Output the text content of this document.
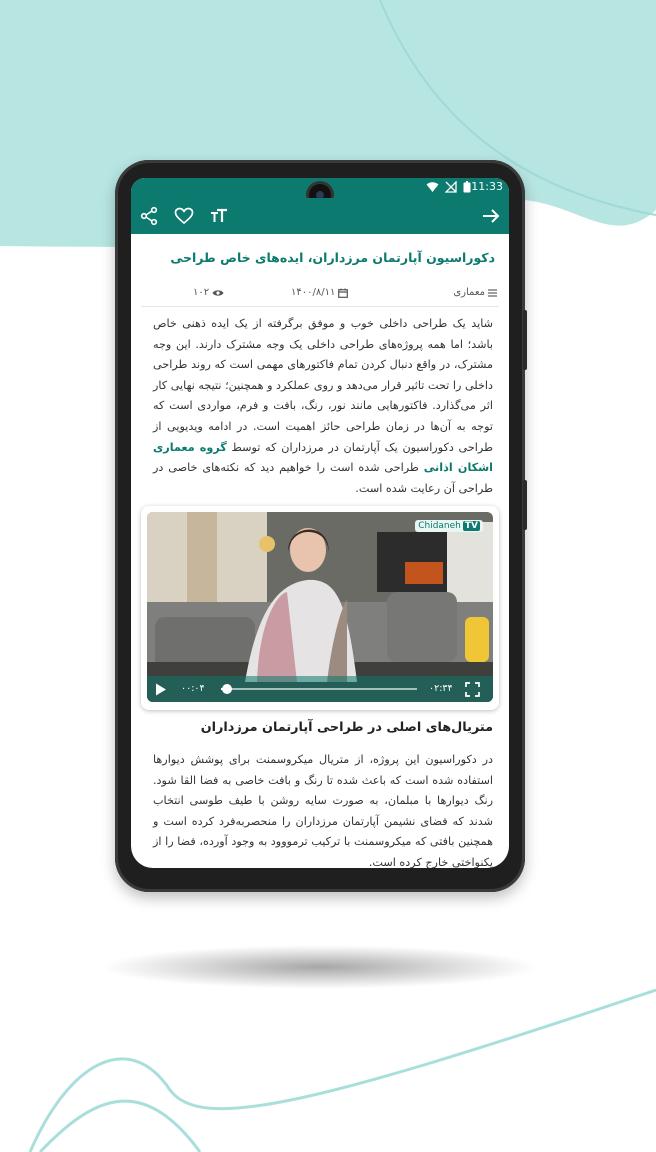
11:33
دکوراسیون آپارتمان مرزداران، ایده‌های خاص طراحی
معماری
۱۴۰۰/۸/۱۱
۱۰۲

شاید یک طراحی داخلی خوب و موفق برگرفته از یک ایده ذهنی خاص باشد؛ اما همه پروژه‌های طراحی داخلی یک وجه مشترک دارند. این وجه مشترک، در واقع دنبال کردن تمام فاکتورهای مهمی است که روند طراحی داخلی را تحت تاثیر قرار می‌دهد و روی عملکرد و همچنین؛ نتیجه نهایی کار اثر می‌گذارد. فاکتورهایی مانند نور، رنگ، بافت و فرم، مواردی است که توجه به آن‌ها در زمان طراحی حائز اهمیت است. در ادامه ویدیویی از طراحی دکوراسیون یک آپارتمان در مرزداران که توسط گروه معماری اشکان اذانی طراحی شده است را خواهیم دید که نکته‌های خاصی در طراحی آن رعایت شده است.

Chidaneh TV
۰۰:۰۴	۰۲:۳۴
متریال‌های اصلی در طراحی آپارتمان مرزداران

در دکوراسیون این پروژه، از متریال میکروسمنت برای پوشش دیوارها استفاده شده است که باعث شده تا رنگ و بافت خاصی به فضا القا شود. رنگ دیوارها با مبلمان، به صورت سایه روشن با طیف طوسی انتخاب شدند که فضای نشیمن آپارتمان مرزداران را منحصربه‌فرد کرده است و همچنین بافتی که میکروسمنت با ترکیب ترمووود به وجود آورده، فضا را از یکنواختی خارج کرده است.
